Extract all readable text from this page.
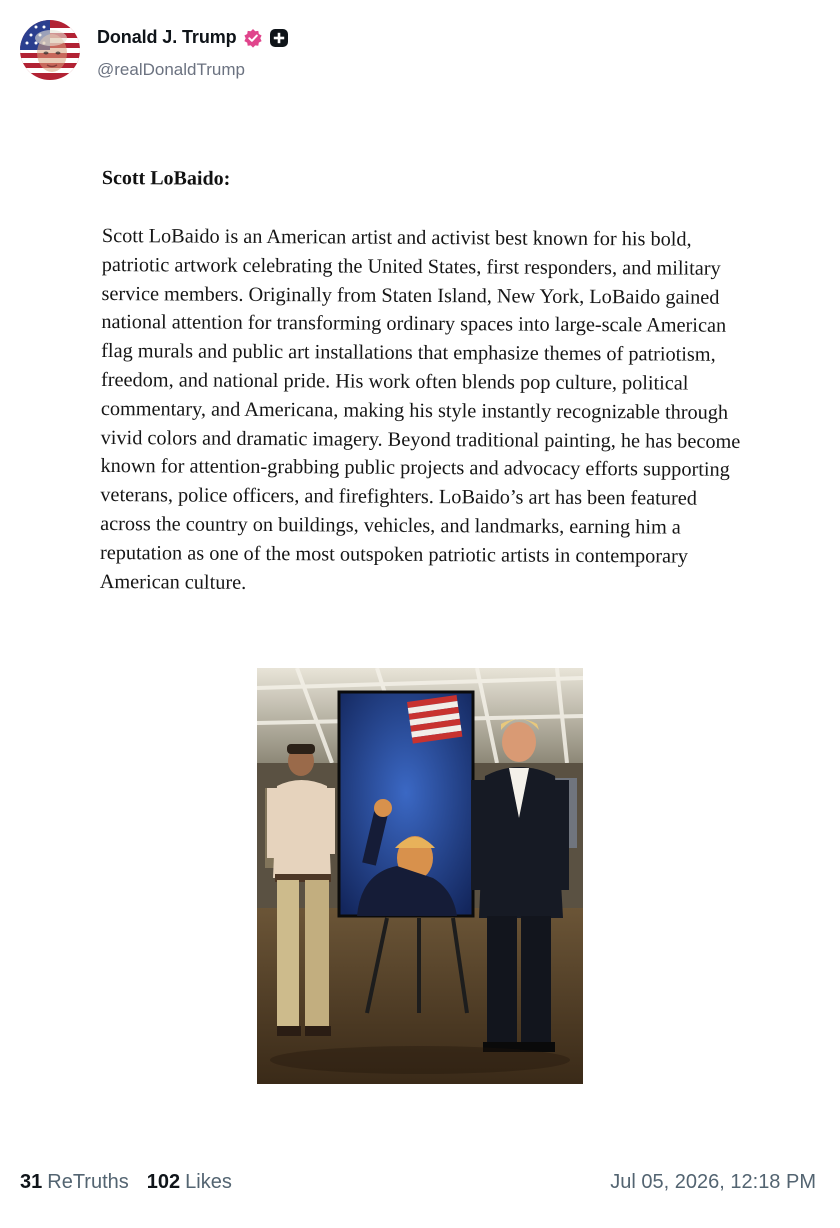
Donald J. Trump
@realDonaldTrump
Scott LoBaido:

Scott LoBaido is an American artist and activist best known for his bold, patriotic artwork celebrating the United States, first responders, and military service members. Originally from Staten Island, New York, LoBaido gained national attention for transforming ordinary spaces into large-scale American flag murals and public art installations that emphasize themes of patriotism, freedom, and national pride. His work often blends pop culture, political commentary, and Americana, making his style instantly recognizable through vivid colors and dramatic imagery. Beyond traditional painting, he has become known for attention-grabbing public projects and advocacy efforts supporting veterans, police officers, and firefighters. LoBaido’s art has been featured across the country on buildings, vehicles, and landmarks, earning him a reputation as one of the most outspoken patriotic artists in contemporary American culture.

31 ReTruths 102 Likes	Jul 05, 2026, 12:18 PM
